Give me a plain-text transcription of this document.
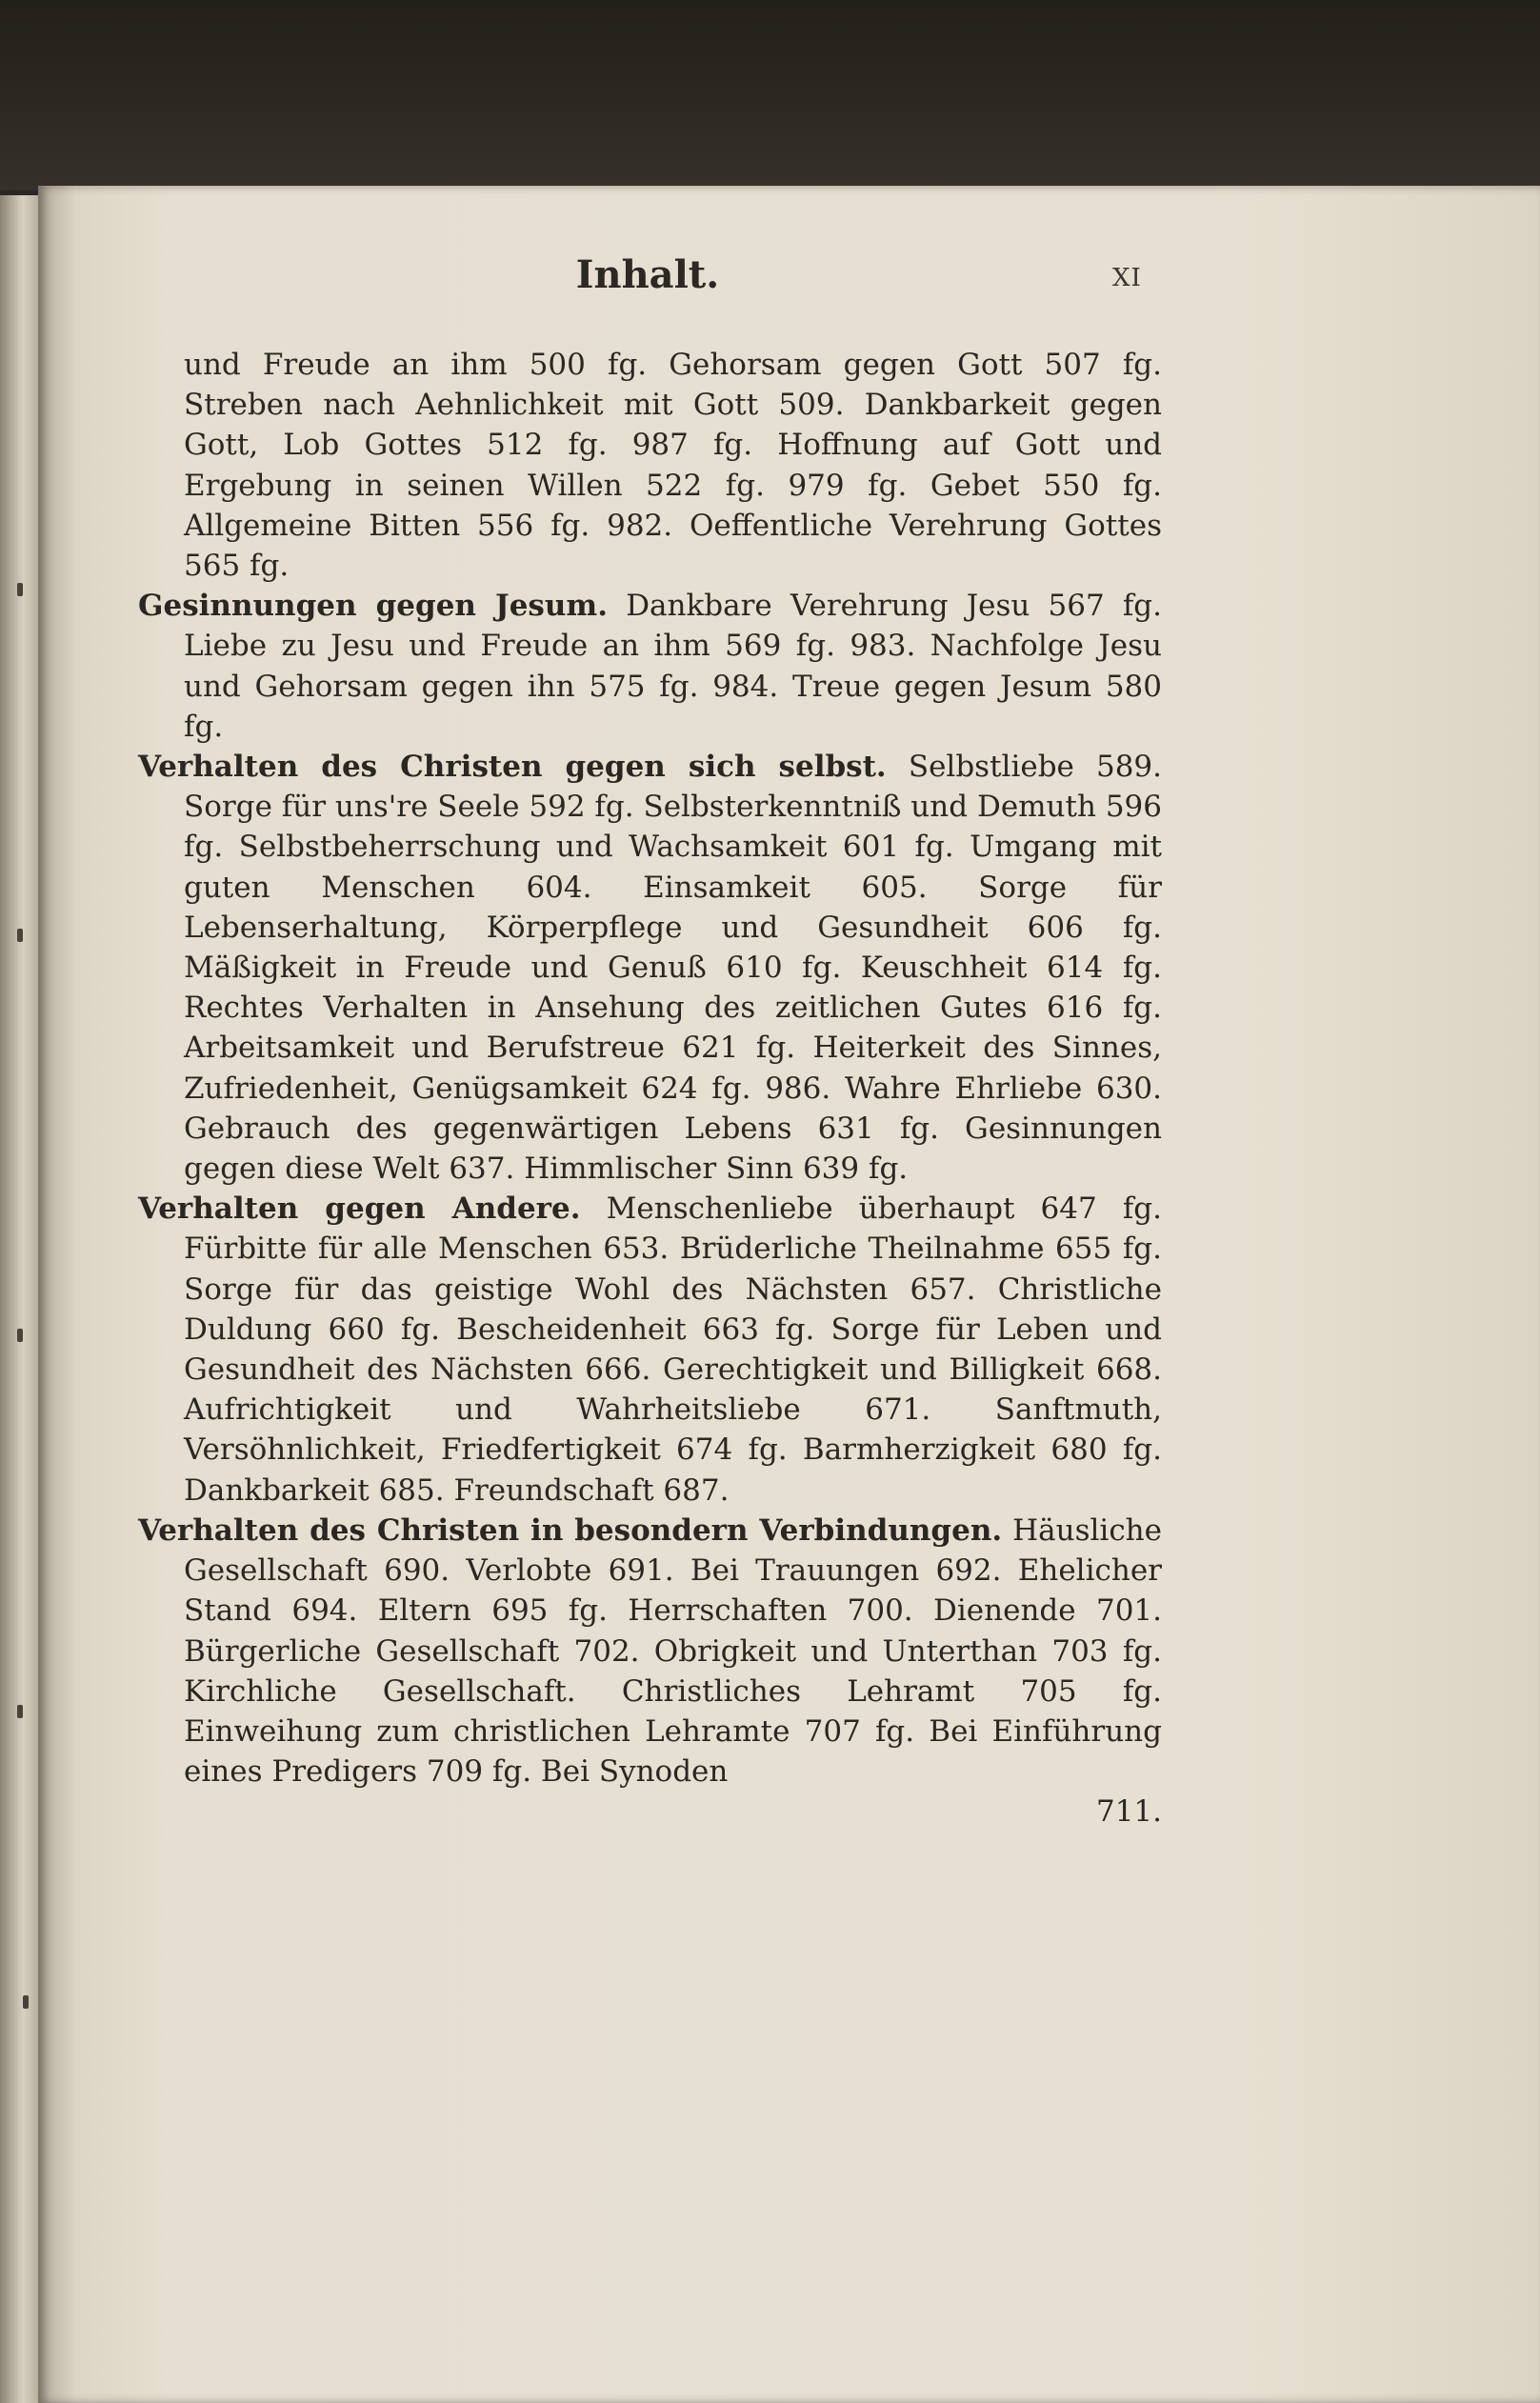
Inhalt.	XI

und Freude an ihm 500 fg. Gehorsam gegen Gott 507 fg. Streben nach Aehnlichkeit mit Gott 509. Dankbarkeit gegen Gott, Lob Gottes 512 fg. 987 fg. Hoffnung auf Gott und Ergebung in seinen Willen 522 fg. 979 fg. Gebet 550 fg. Allgemeine Bitten 556 fg. 982. Oeffentliche Verehrung Gottes 565 fg.

Gesinnungen gegen Jesum. Dankbare Verehrung Jesu 567 fg. Liebe zu Jesu und Freude an ihm 569 fg. 983. Nachfolge Jesu und Gehorsam gegen ihn 575 fg. 984. Treue gegen Jesum 580 fg.

Verhalten des Christen gegen sich selbst. Selbstliebe 589. Sorge für uns're Seele 592 fg. Selbsterkenntniß und Demuth 596 fg. Selbstbeherrschung und Wachsamkeit 601 fg. Umgang mit guten Menschen 604. Einsamkeit 605. Sorge für Lebenserhaltung, Körperpflege und Gesundheit 606 fg. Mäßigkeit in Freude und Genuß 610 fg. Keuschheit 614 fg. Rechtes Verhalten in Ansehung des zeitlichen Gutes 616 fg. Arbeitsamkeit und Berufstreue 621 fg. Heiterkeit des Sinnes, Zufriedenheit, Genügsamkeit 624 fg. 986. Wahre Ehrliebe 630. Gebrauch des gegenwärtigen Lebens 631 fg. Gesinnungen gegen diese Welt 637. Himmlischer Sinn 639 fg.

Verhalten gegen Andere. Menschenliebe überhaupt 647 fg. Fürbitte für alle Menschen 653. Brüderliche Theilnahme 655 fg. Sorge für das geistige Wohl des Nächsten 657. Christliche Duldung 660 fg. Bescheidenheit 663 fg. Sorge für Leben und Gesundheit des Nächsten 666. Gerechtigkeit und Billigkeit 668. Aufrichtigkeit und Wahrheitsliebe 671. Sanftmuth, Versöhnlichkeit, Friedfertigkeit 674 fg. Barmherzigkeit 680 fg. Dankbarkeit 685. Freundschaft 687.

Verhalten des Christen in besondern Verbindungen. Häusliche Gesellschaft 690. Verlobte 691. Bei Trauungen 692. Ehelicher Stand 694. Eltern 695 fg. Herrschaften 700. Dienende 701. Bürgerliche Gesellschaft 702. Obrigkeit und Unterthan 703 fg. Kirchliche Gesellschaft. Christliches Lehramt 705 fg. Einweihung zum christlichen Lehramte 707 fg. Bei Einführung eines Predigers 709 fg. Bei Synoden
711.
